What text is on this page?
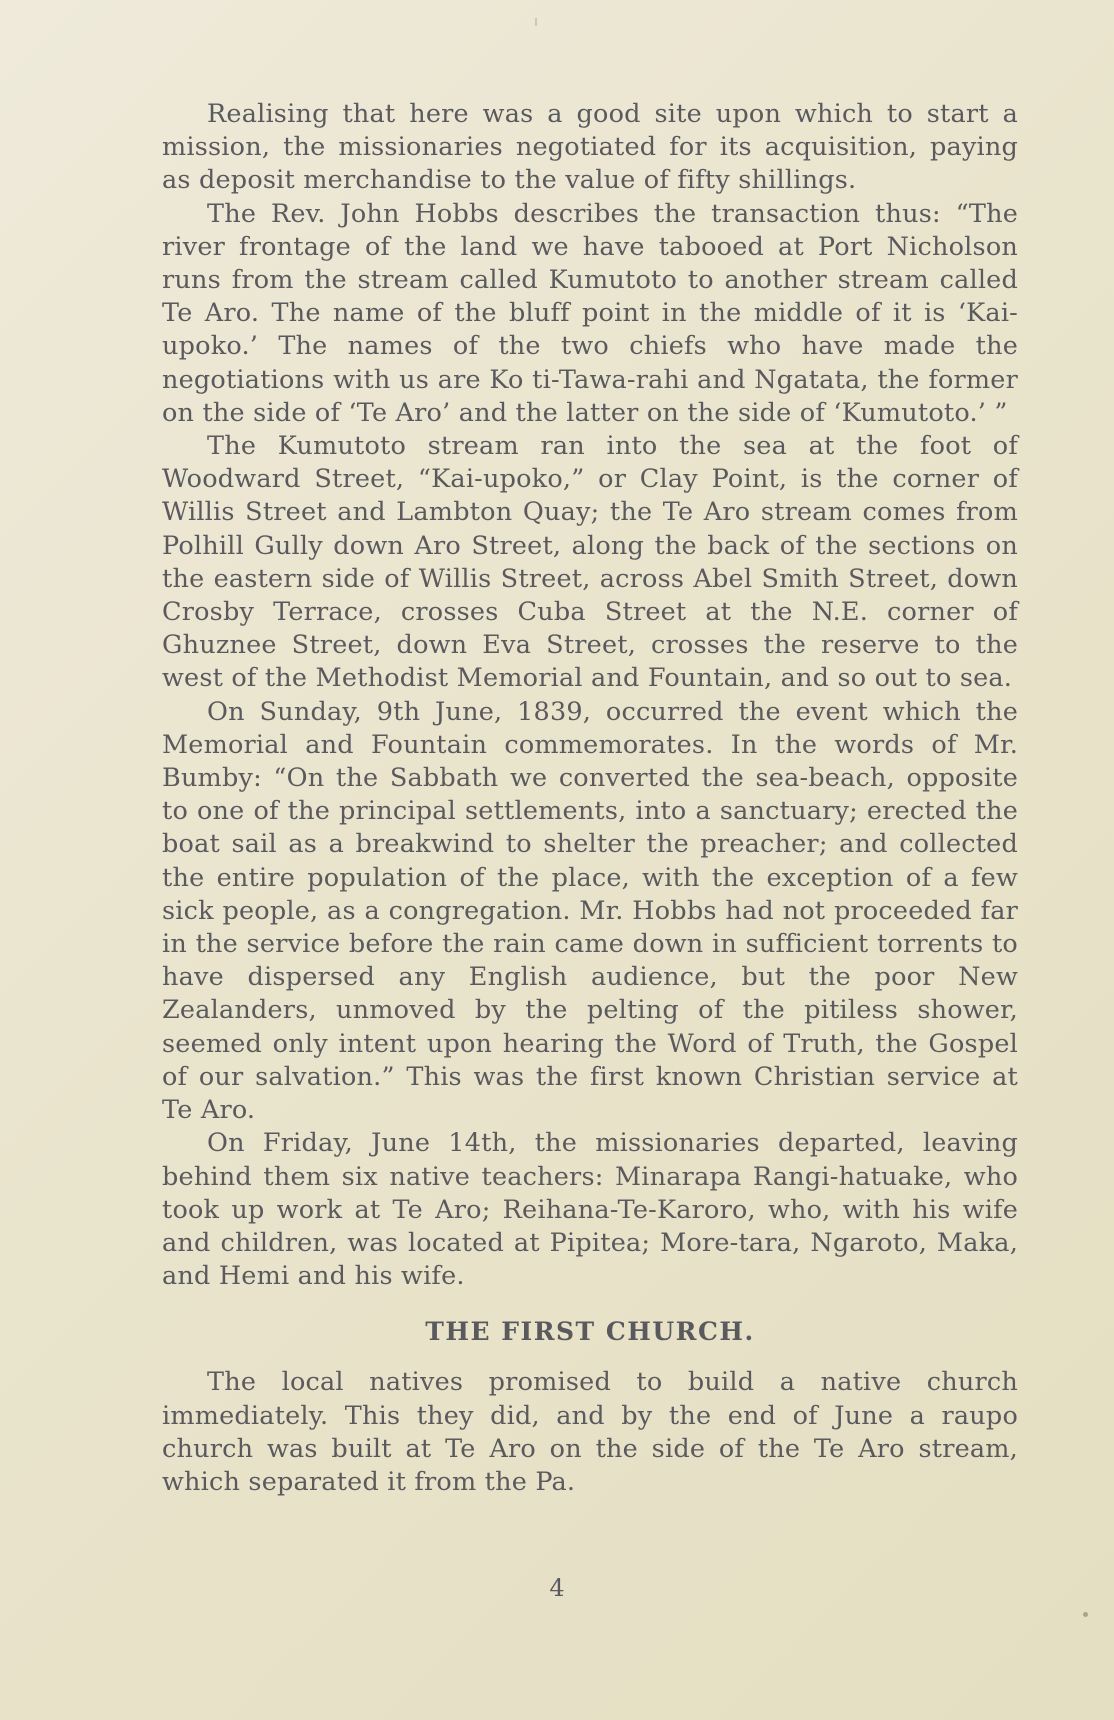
Realising that here was a good site upon which to start a mission, the missionaries negotiated for its acquisition, paying as deposit merchandise to the value of fifty shillings.

The Rev. John Hobbs describes the transaction thus: “The river frontage of the land we have tabooed at Port Nicholson runs from the stream called Kumutoto to another stream called Te Aro. The name of the bluff point in the middle of it is ‘Kai-upoko.’ The names of the two chiefs who have made the negotiations with us are Ko ti-Tawa-rahi and Ngatata, the former on the side of ‘Te Aro’ and the latter on the side of ‘Kumutoto.’ ”

The Kumutoto stream ran into the sea at the foot of Woodward Street, “Kai-upoko,” or Clay Point, is the corner of Willis Street and Lambton Quay; the Te Aro stream comes from Polhill Gully down Aro Street, along the back of the sections on the eastern side of Willis Street, across Abel Smith Street, down Crosby Terrace, crosses Cuba Street at the N.E. corner of Ghuznee Street, down Eva Street, crosses the reserve to the west of the Methodist Memorial and Fountain, and so out to sea.

On Sunday, 9th June, 1839, occurred the event which the Memorial and Fountain commemorates. In the words of Mr. Bumby: “On the Sabbath we converted the sea-beach, opposite to one of the principal settlements, into a sanctuary; erected the boat sail as a breakwind to shelter the preacher; and collected the entire population of the place, with the exception of a few sick people, as a congregation. Mr. Hobbs had not proceeded far in the service before the rain came down in sufficient torrents to have dispersed any English audience, but the poor New Zealanders, unmoved by the pelting of the pitiless shower, seemed only intent upon hearing the Word of Truth, the Gospel of our salvation.” This was the first known Christian service at Te Aro.

On Friday, June 14th, the missionaries departed, leaving behind them six native teachers: Minarapa Rangi-hatuake, who took up work at Te Aro; Reihana-Te-Karoro, who, with his wife and children, was located at Pipitea; More-tara, Ngaroto, Maka, and Hemi and his wife.

THE FIRST CHURCH.

The local natives promised to build a native church immediately. This they did, and by the end of June a raupo church was built at Te Aro on the side of the Te Aro stream, which separated it from the Pa.

4
